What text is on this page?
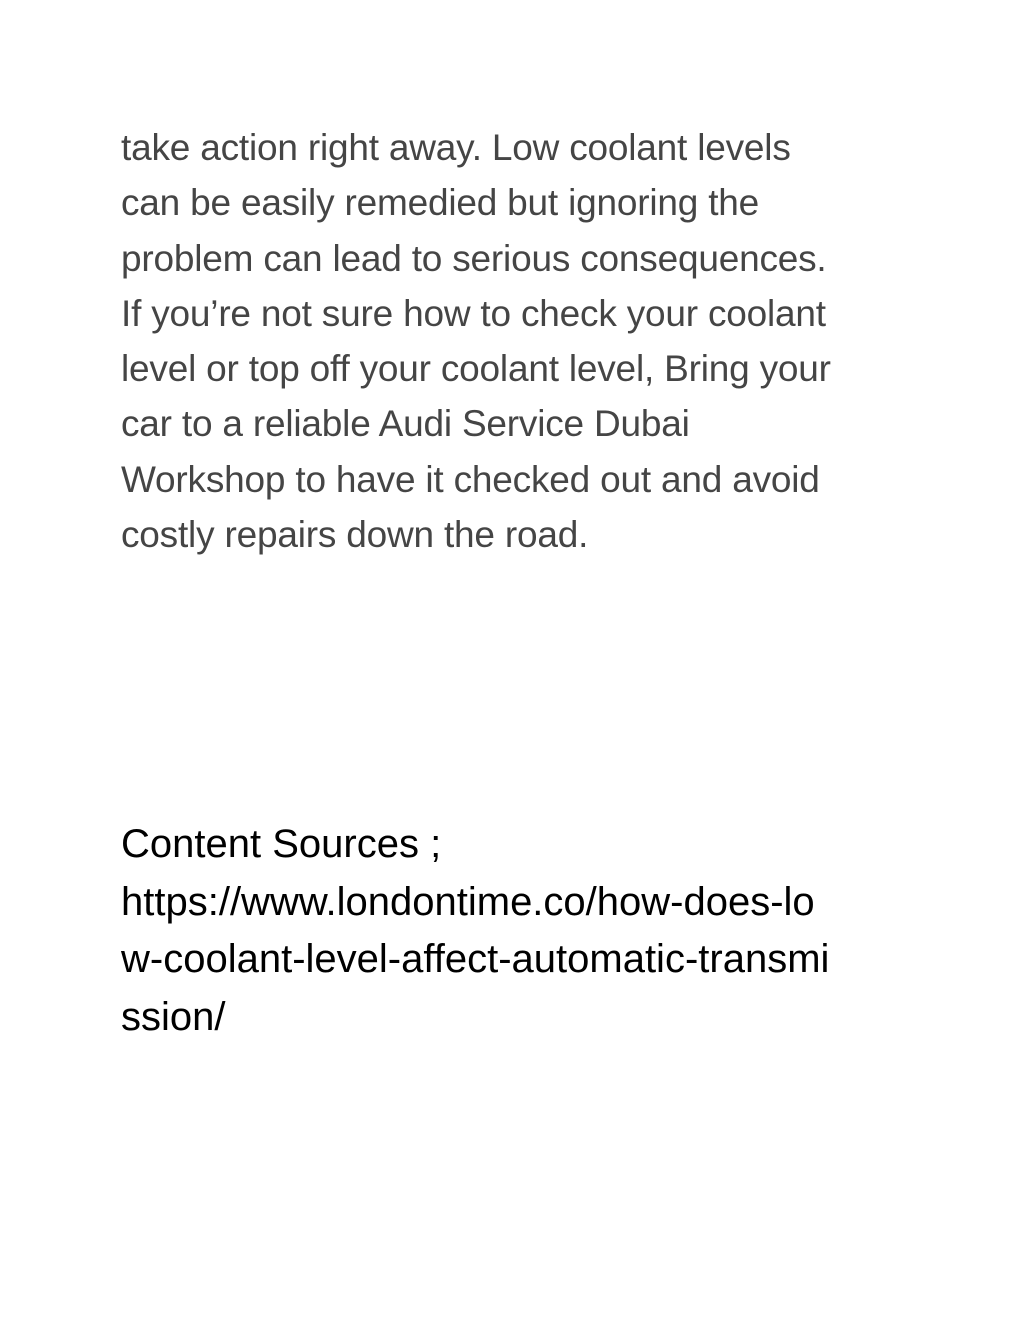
take action right away. Low coolant levels
can be easily remedied but ignoring the
problem can lead to serious consequences.
If you’re not sure how to check your coolant
level or top off your coolant level, Bring your
car to a reliable Audi Service Dubai
Workshop to have it checked out and avoid
costly repairs down the road.
Content Sources ;
https://www.londontime.co/how-does-lo
w-coolant-level-affect-automatic-transmi
ssion/
